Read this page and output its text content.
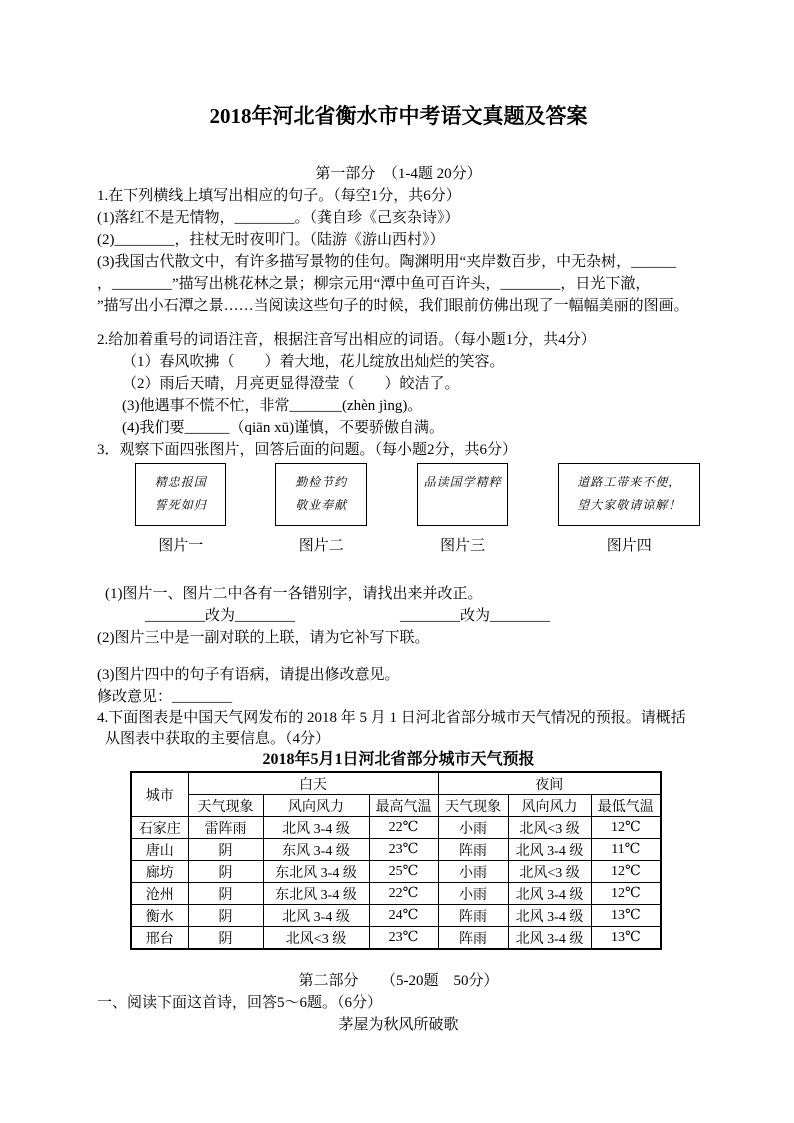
2018年河北省衡水市中考语文真题及答案
第一部分　（1-4题 20分）
1.在下列横线上填写出相应的句子。（每空1分，共6分）
(1)落红不是无情物，________。（龚自珍《己亥杂诗》）
(2)________，拄杖无时夜叩门。（陆游《游山西村》）
(3)我国古代散文中，有许多描写景物的佳句。陶渊明用“夹岸数百步，中无杂树，______
，________”描写出桃花林之景；柳宗元用“潭中鱼可百许头，________，日光下澈，
”描写出小石潭之景……当阅读这些句子的时候，我们眼前仿佛出现了一幅幅美丽的图画。
2.给加着重号的词语注音，根据注音写出相应的词语。（每小题1分，共4分）
（1）春风吹拂（　　）着大地，花儿绽放出灿烂的笑容。
（2）雨后天晴，月亮更显得澄莹（　　）皎洁了。
(3)他遇事不慌不忙，非常_______(zhèn jìng)。
(4)我们要______（qiān xū)谨慎，不要骄傲自满。
3．观察下面四张图片，回答后面的问题。（每小题2分，共6分）
精忠报国
誓死如归
图片一
勤检节约
敬业奉献
图片二
品读国学精粹
图片三
道路工带来不便，
望大家敬请谅解！
图片四
(1)图片一、图片二中各有一各错别字，请找出来并改正。
________改为________	________改为________
(2)图片三中是一副对联的上联，请为它补写下联。
(3)图片四中的句子有语病，请提出修改意见。
修改意见：________
4.下面图表是中国天气网发布的 2018 年 5 月 1 日河北省部分城市天气情况的预报。请概括
从图表中获取的主要信息。（4分）
2018年5月1日河北省部分城市天气预报
城市	白天			夜间		
	天气现象	风向风力	最高气温	天气现象	风向风力	最低气温
石家庄	雷阵雨	北风 3-4 级	22℃	小雨	北风<3 级	12℃
唐山	阴	东风 3-4 级	23℃	阵雨	北风 3-4 级	11℃
廊坊	阴	东北风 3-4 级	25℃	小雨	北风<3 级	12℃
沧州	阴	东北风 3-4 级	22℃	小雨	北风 3-4 级	12℃
衡水	阴	北风 3-4 级	24℃	阵雨	北风 3-4 级	13℃
邢台	阴	北风<3 级	23℃	阵雨	北风 3-4 级	13℃
第二部分　　（5-20题　50分）
一、阅读下面这首诗，回答5～6题。（6分）
茅屋为秋风所破歌
